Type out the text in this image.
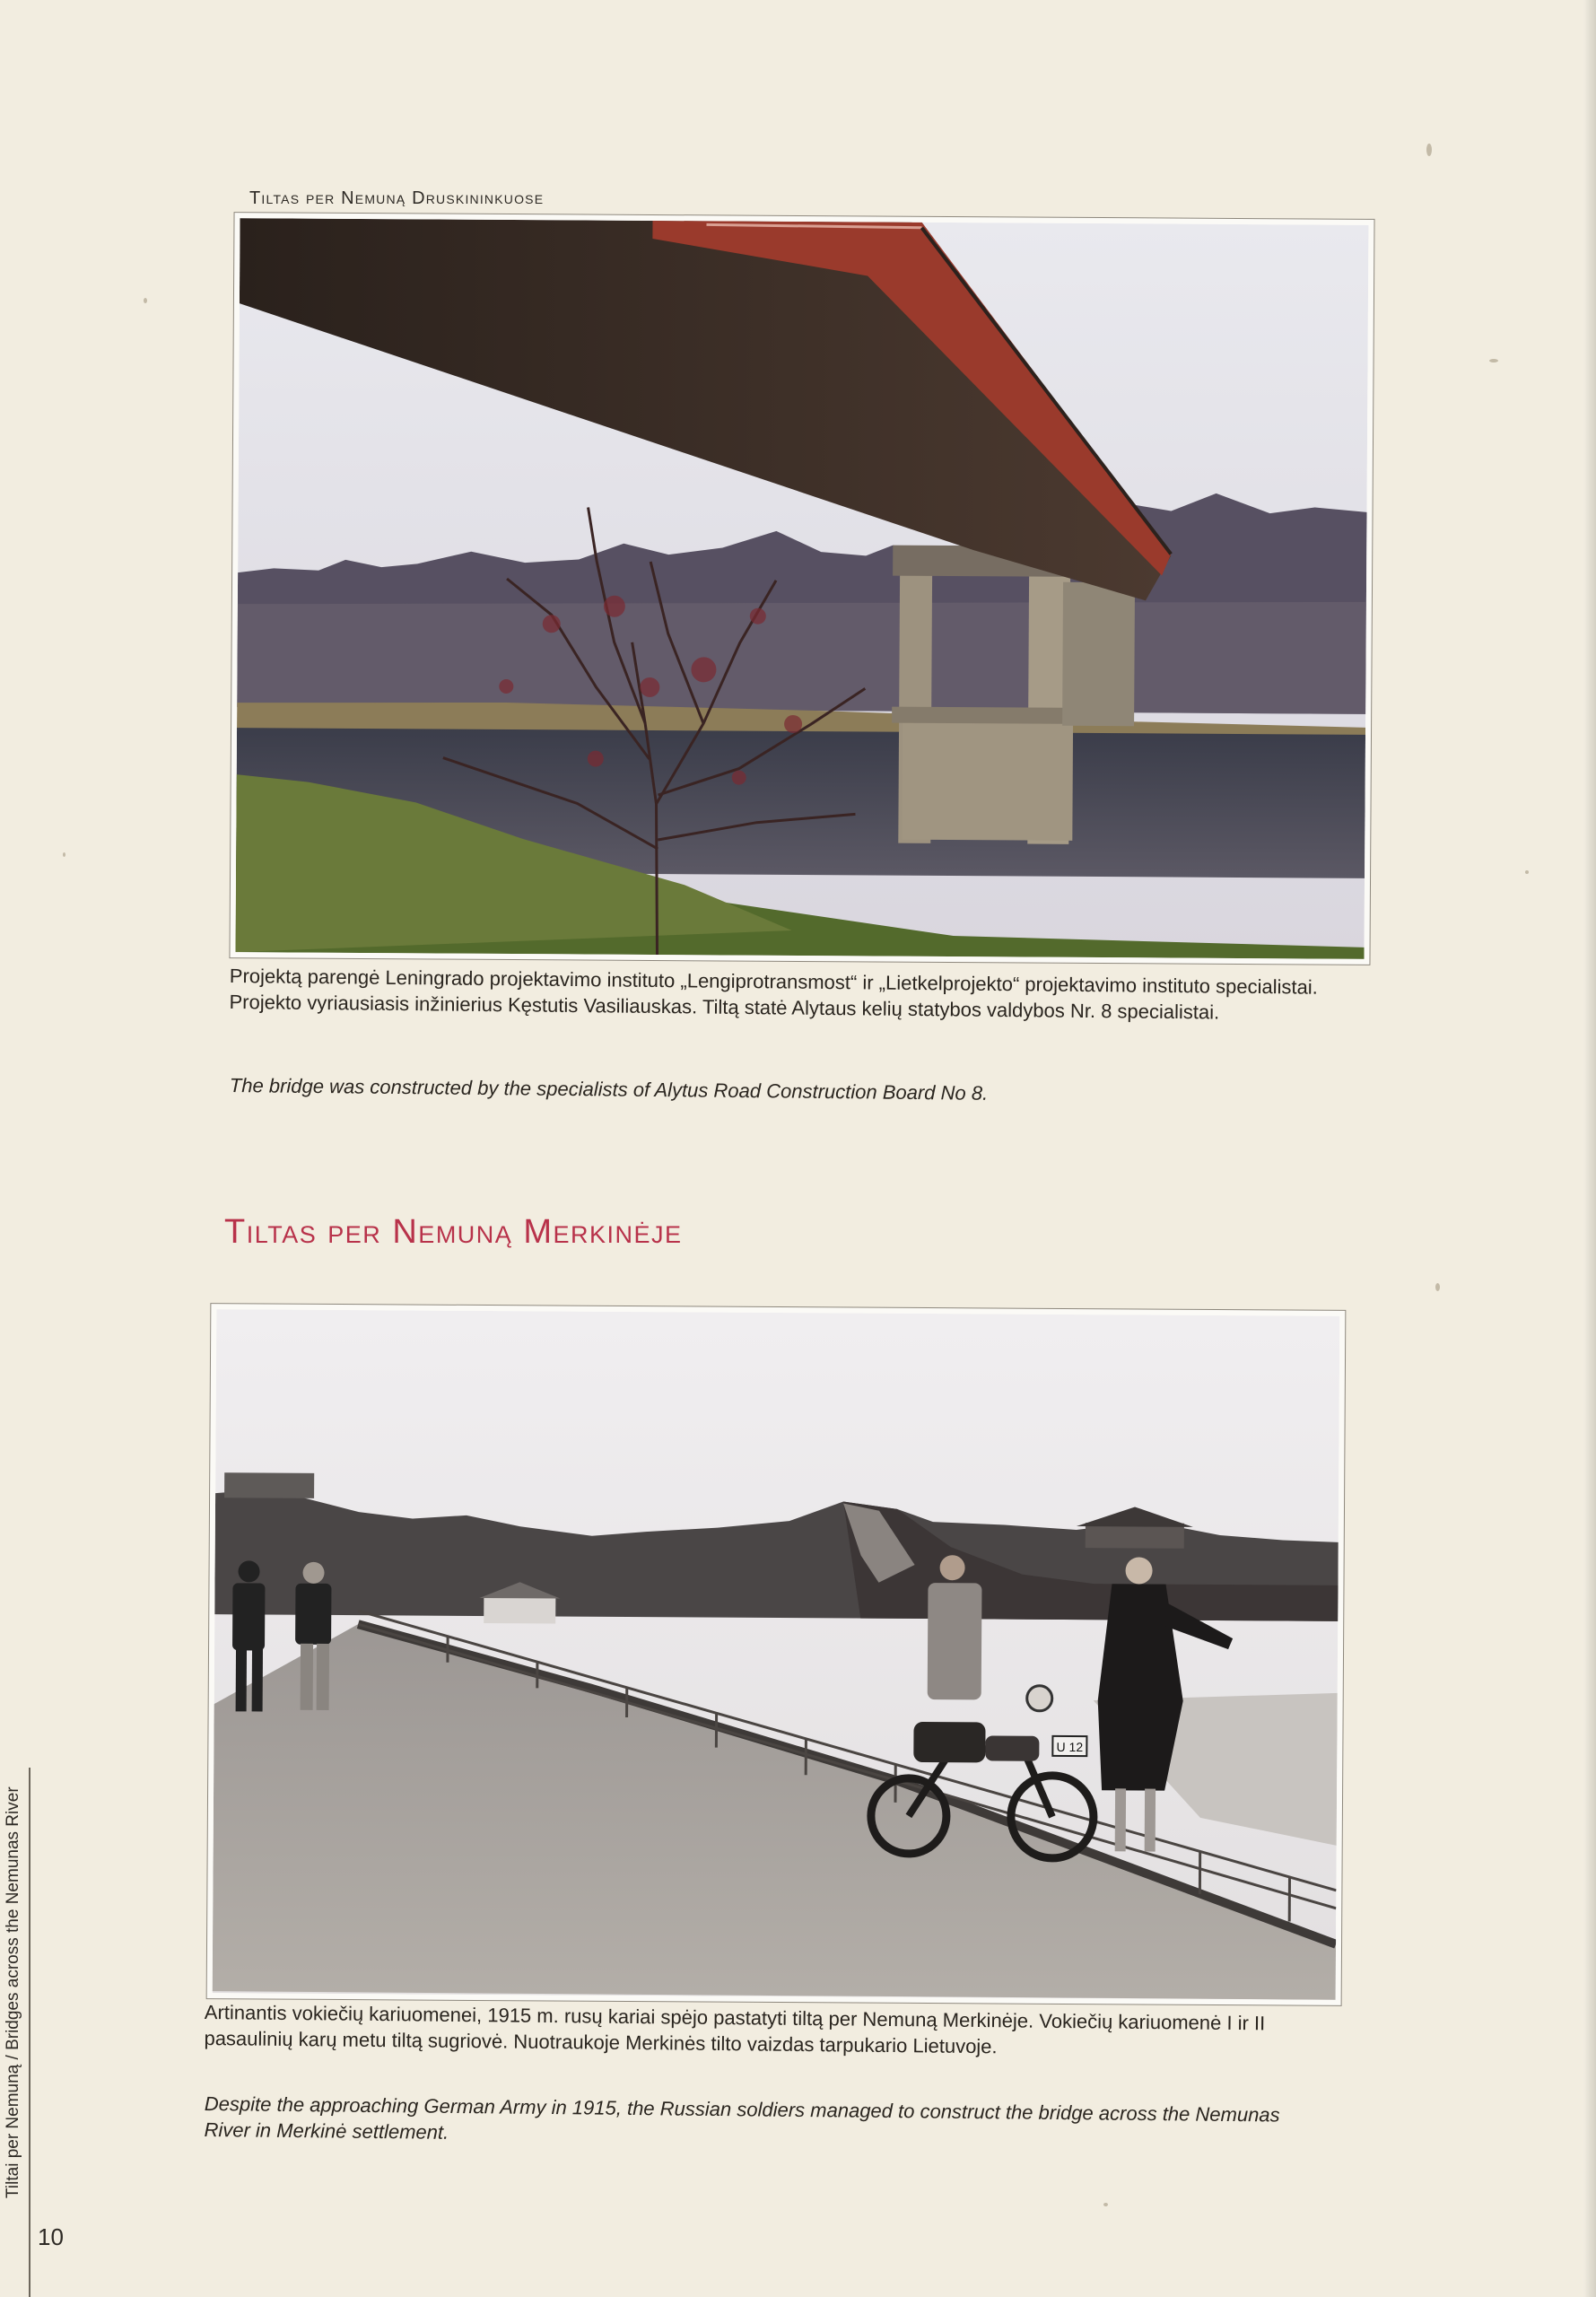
Tiltas per Nemuną Druskininkuose
Projektą parengė Leningrado projektavimo instituto „Lengiprotransmost“ ir „Lietkelprojekto“ projektavimo instituto specialistai. Projekto vyriausiasis inžinierius Kęstutis Vasiliauskas. Tiltą statė Alytaus kelių statybos valdybos Nr. 8 specialistai.
The bridge was constructed by the specialists of Alytus Road Construction Board No 8.
Tiltas per Nemuną Merkinėje
U 12
Artinantis vokiečių kariuomenei, 1915 m. rusų kariai spėjo pastatyti tiltą per Nemuną Merkinėje. Vokiečių kariuomenė I ir II pasaulinių karų metu tiltą sugriovė. Nuotraukoje Merkinės tilto vaizdas tarpukario Lietuvoje.
Despite the approaching German Army in 1915, the Russian soldiers managed to construct the bridge across the Nemunas River in Merkinė settlement.
Tiltai per Nemuną / Bridges across the Nemunas River
10
